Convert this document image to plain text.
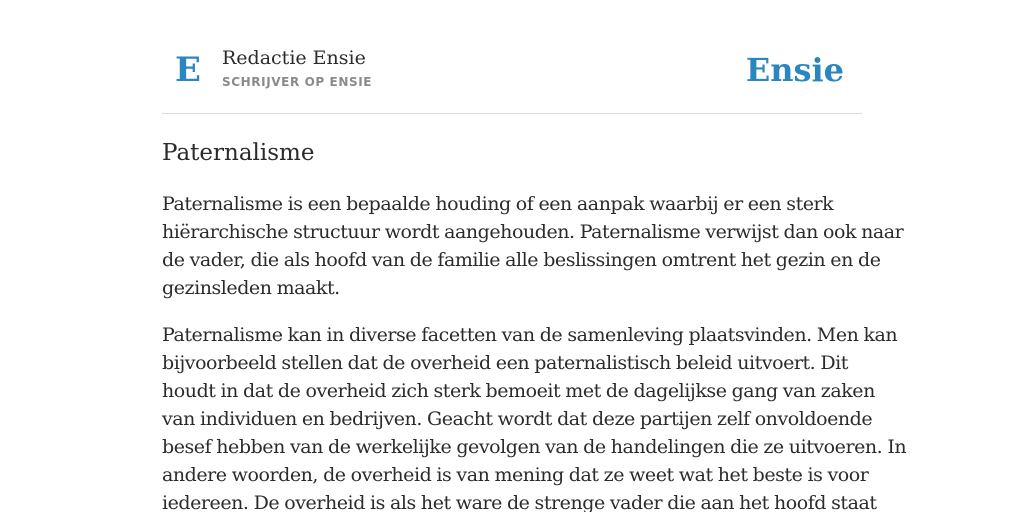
E Redactie Ensie
SCHRIJVER OP ENSIE	Ensie
Paternalisme

Paternalisme is een bepaalde houding of een aanpak waarbij er een sterk
hiërarchische structuur wordt aangehouden. Paternalisme verwijst dan ook naar
de vader, die als hoofd van de familie alle beslissingen omtrent het gezin en de
gezinsleden maakt.

Paternalisme kan in diverse facetten van de samenleving plaatsvinden. Men kan
bijvoorbeeld stellen dat de overheid een paternalistisch beleid uitvoert. Dit
houdt in dat de overheid zich sterk bemoeit met de dagelijkse gang van zaken
van individuen en bedrijven. Geacht wordt dat deze partijen zelf onvoldoende
besef hebben van de werkelijke gevolgen van de handelingen die ze uitvoeren. In
andere woorden, de overheid is van mening dat ze weet wat het beste is voor
iedereen. De overheid is als het ware de strenge vader die aan het hoofd staat
